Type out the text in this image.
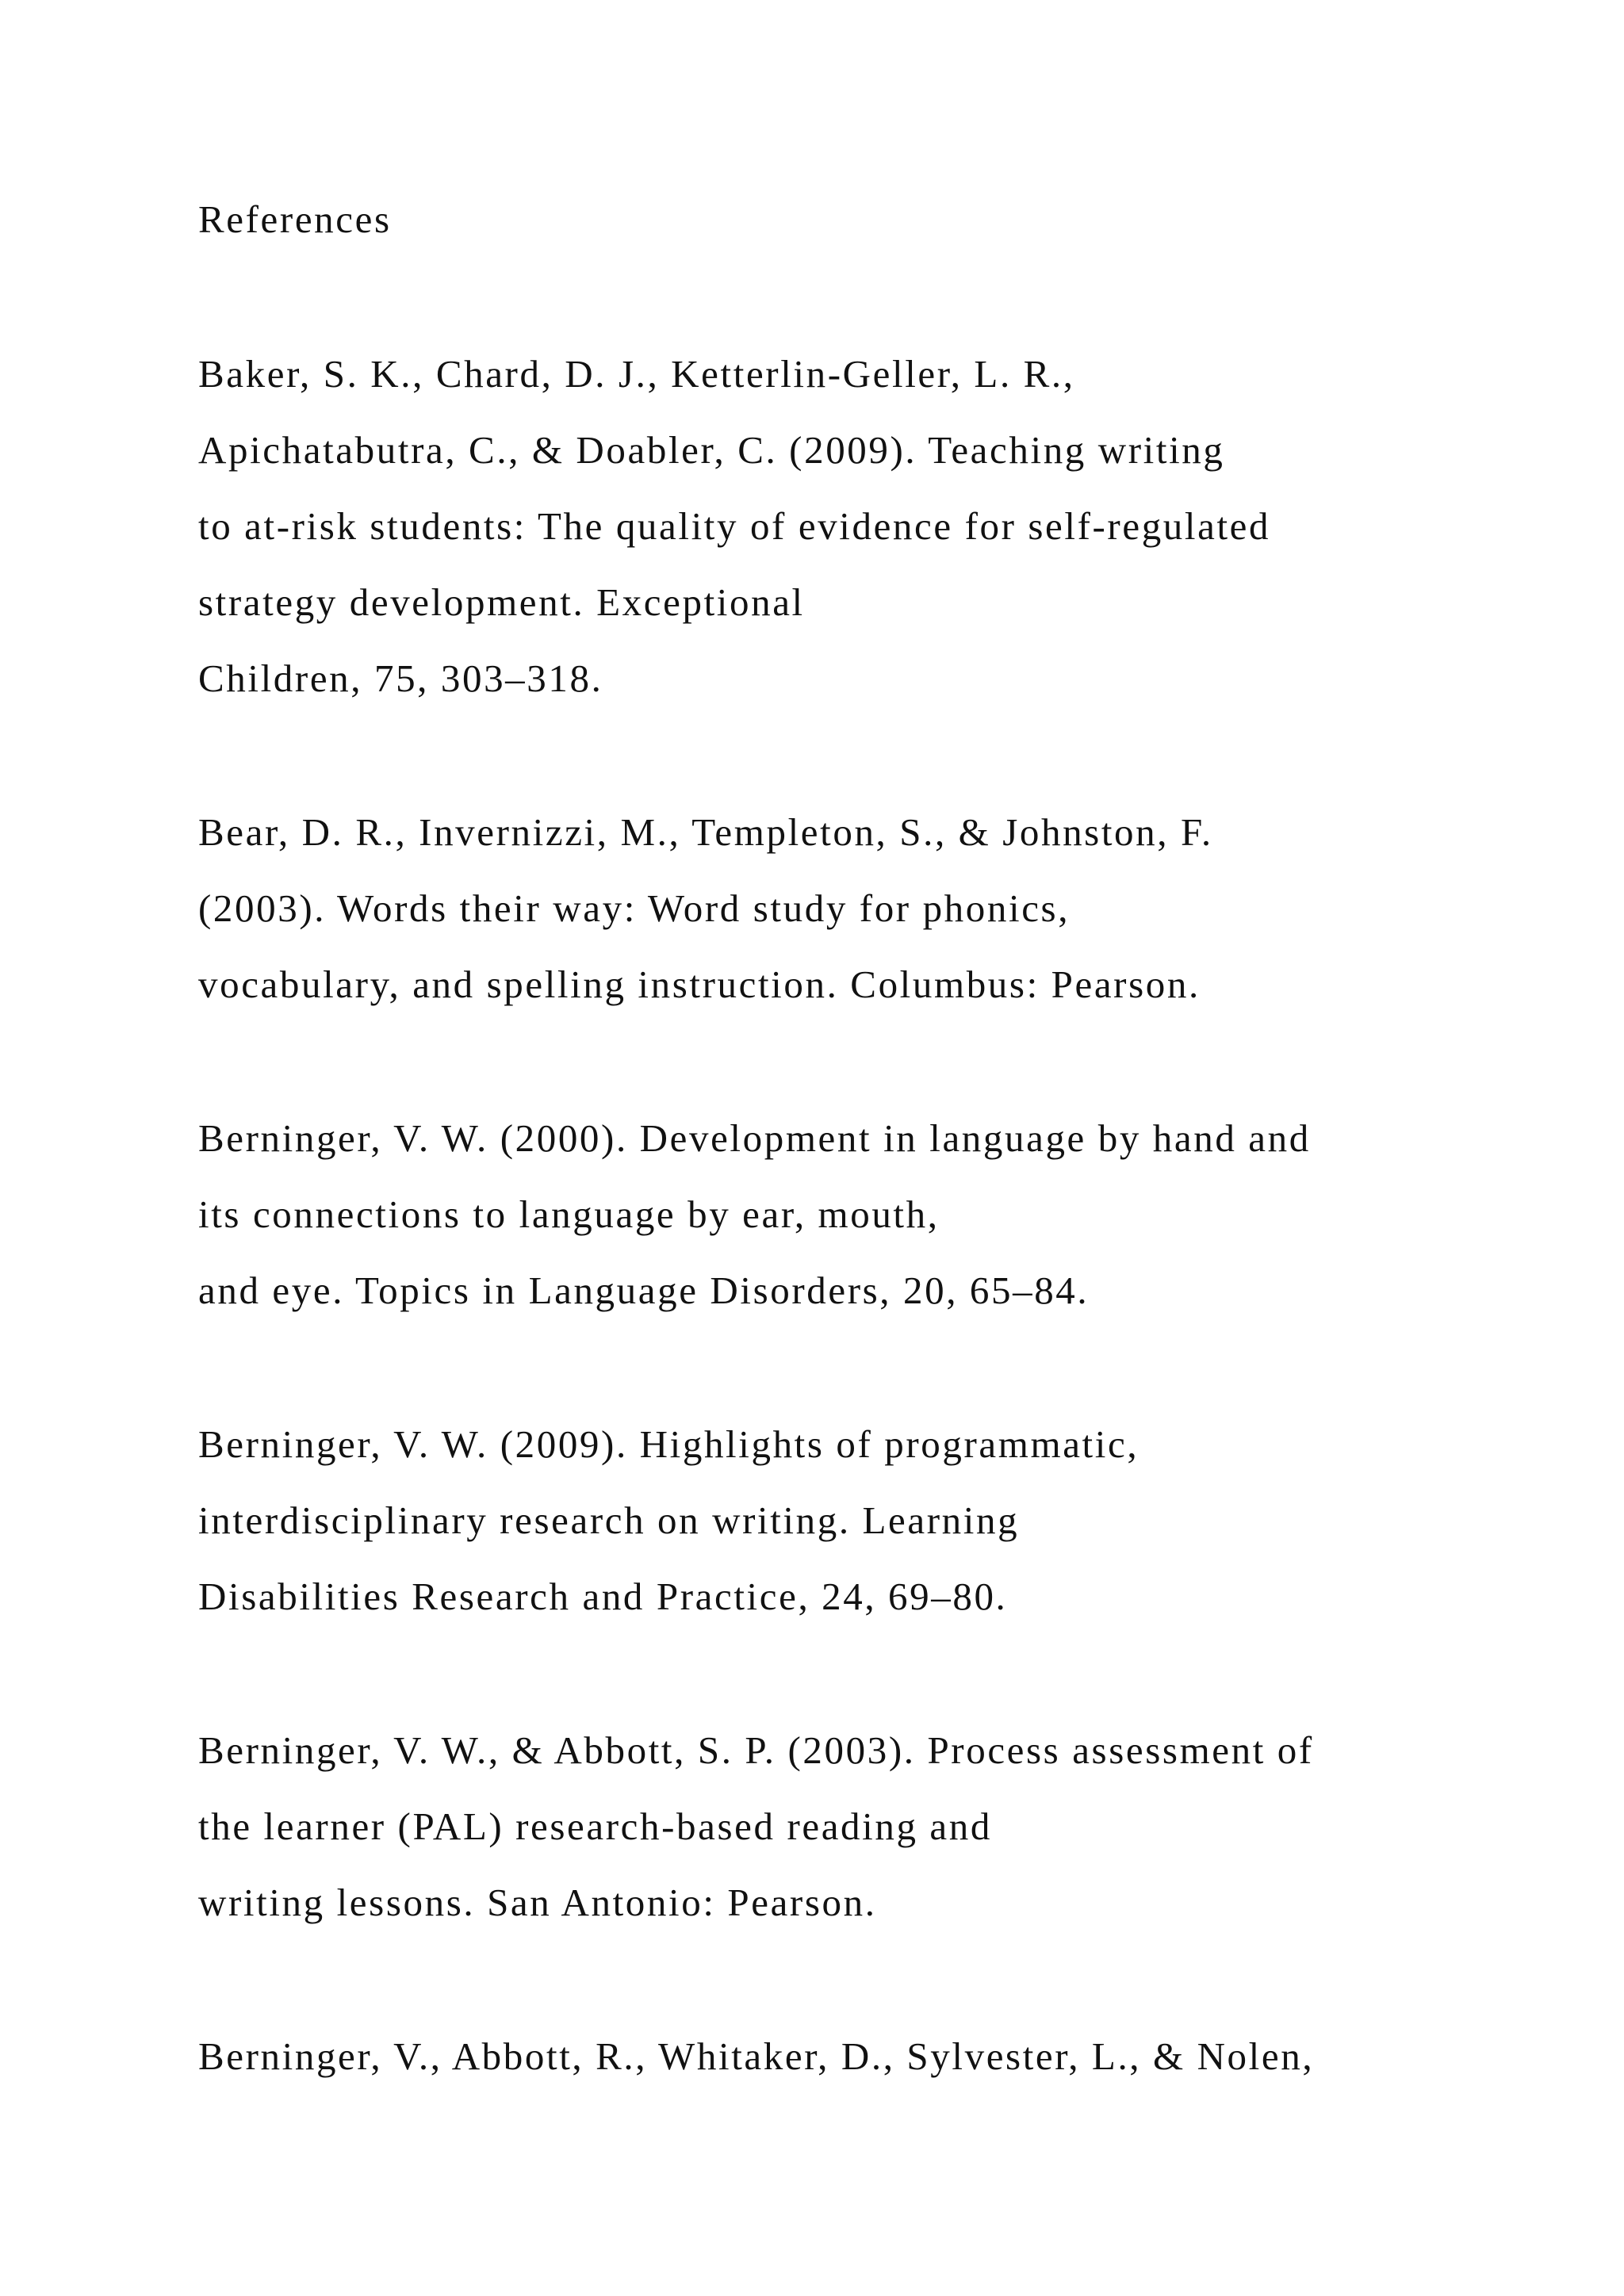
References
Baker, S. K., Chard, D. J., Ketterlin-Geller, L. R.,
Apichatabutra, C., & Doabler, C. (2009). Teaching writing
to at-risk students: The quality of evidence for self-regulated
strategy development. Exceptional
Children, 75, 303–318.
Bear, D. R., Invernizzi, M., Templeton, S., & Johnston, F.
(2003). Words their way: Word study for phonics,
vocabulary, and spelling instruction. Columbus: Pearson.
Berninger, V. W. (2000). Development in language by hand and
its connections to language by ear, mouth,
and eye. Topics in Language Disorders, 20, 65–84.
Berninger, V. W. (2009). Highlights of programmatic,
interdisciplinary research on writing. Learning
Disabilities Research and Practice, 24, 69–80.
Berninger, V. W., & Abbott, S. P. (2003). Process assessment of
the learner (PAL) research-based reading and
writing lessons. San Antonio: Pearson.
Berninger, V., Abbott, R., Whitaker, D., Sylvester, L., & Nolen,
